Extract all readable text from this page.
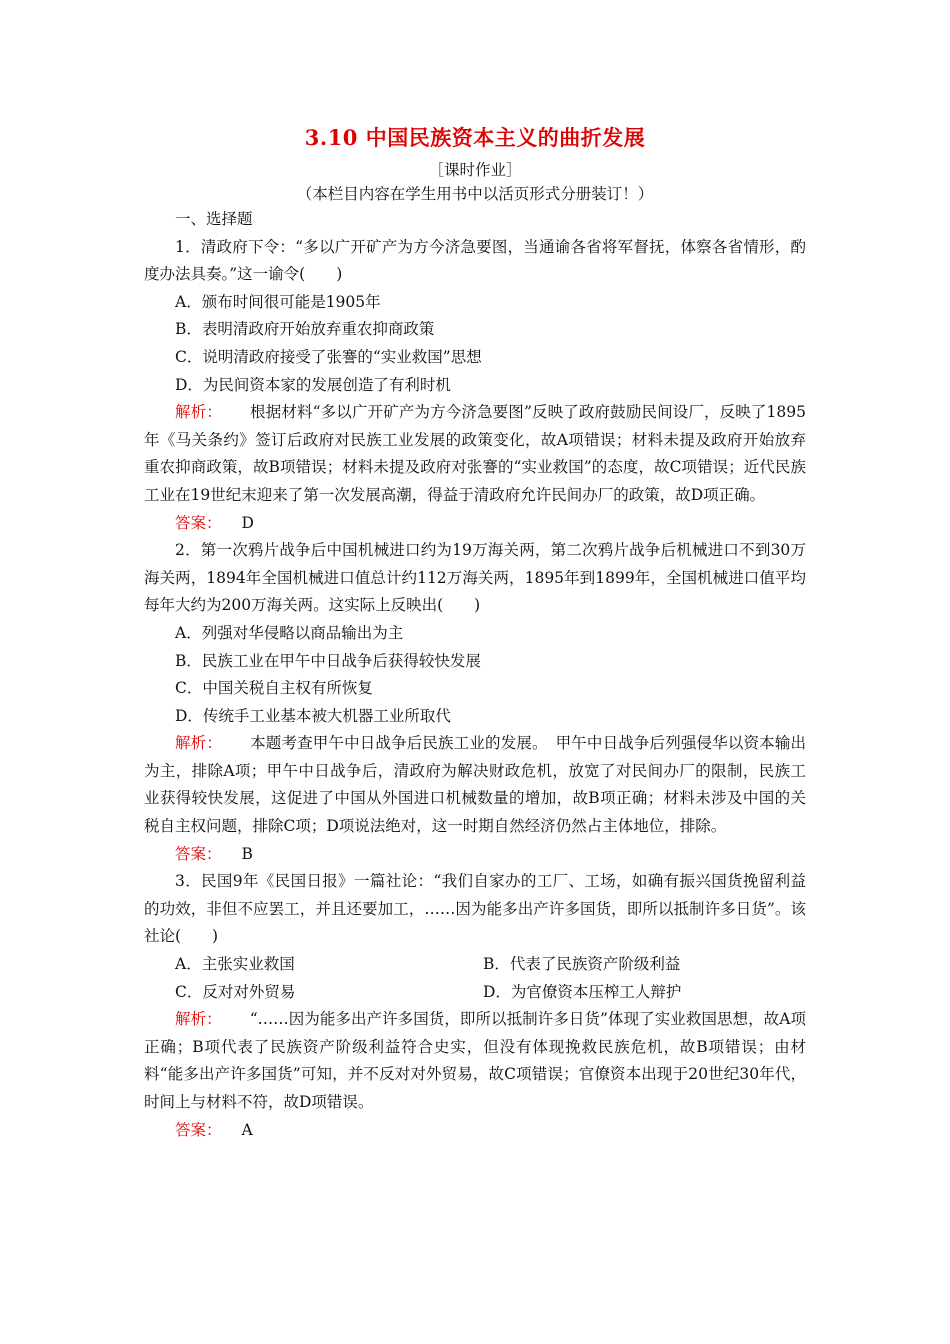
3.10 中国民族资本主义的曲折发展
［课时作业］
（本栏目内容在学生用书中以活页形式分册装订！）

一、选择题

1．清政府下令：“多以广开矿产为方今济急要图，当通谕各省将军督抚，体察各省情形，酌度办法具奏。”这一谕令(　　)

A．颁布时间很可能是1905年

B．表明清政府开始放弃重农抑商政策

C．说明清政府接受了张謇的“实业救国”思想

D．为民间资本家的发展创造了有利时机

解析： 根据材料“多以广开矿产为方今济急要图”反映了政府鼓励民间设厂，反映了1895年《马关条约》签订后政府对民族工业发展的政策变化，故A项错误；材料未提及政府开始放弃重农抑商政策，故B项错误；材料未提及政府对张謇的“实业救国”的态度，故C项错误；近代民族工业在19世纪末迎来了第一次发展高潮，得益于清政府允许民间办厂的政策，故D项正确。

答案： D

2．第一次鸦片战争后中国机械进口约为19万海关两，第二次鸦片战争后机械进口不到30万海关两，1894年全国机械进口值总计约112万海关两，1895年到1899年，全国机械进口值平均每年大约为200万海关两。这实际上反映出(　　)

A．列强对华侵略以商品输出为主

B．民族工业在甲午中日战争后获得较快发展

C．中国关税自主权有所恢复

D．传统手工业基本被大机器工业所取代

解析： 本题考查甲午中日战争后民族工业的发展。　甲午中日战争后列强侵华以资本输出为主，排除A项；甲午中日战争后，清政府为解决财政危机，放宽了对民间办厂的限制，民族工业获得较快发展，这促进了中国从外国进口机械数量的增加，故B项正确；材料未涉及中国的关税自主权问题，排除C项；D项说法绝对，这一时期自然经济仍然占主体地位，排除。

答案： B

3．民国9年《民国日报》一篇社论：“我们自家办的工厂、工场，如确有振兴国货挽留利益的功效，非但不应罢工，并且还要加工，……因为能多出产许多国货，即所以抵制许多日货”。该社论(　　)

A．主张实业救国	B．代表了民族资产阶级利益
C．反对对外贸易	D．为官僚资本压榨工人辩护

解析： “……因为能多出产许多国货，即所以抵制许多日货”体现了实业救国思想，故A项正确；B项代表了民族资产阶级利益符合史实，但没有体现挽救民族危机，故B项错误；由材料“能多出产许多国货”可知，并不反对对外贸易，故C项错误；官僚资本出现于20世纪30年代，时间上与材料不符，故D项错误。

答案： A
